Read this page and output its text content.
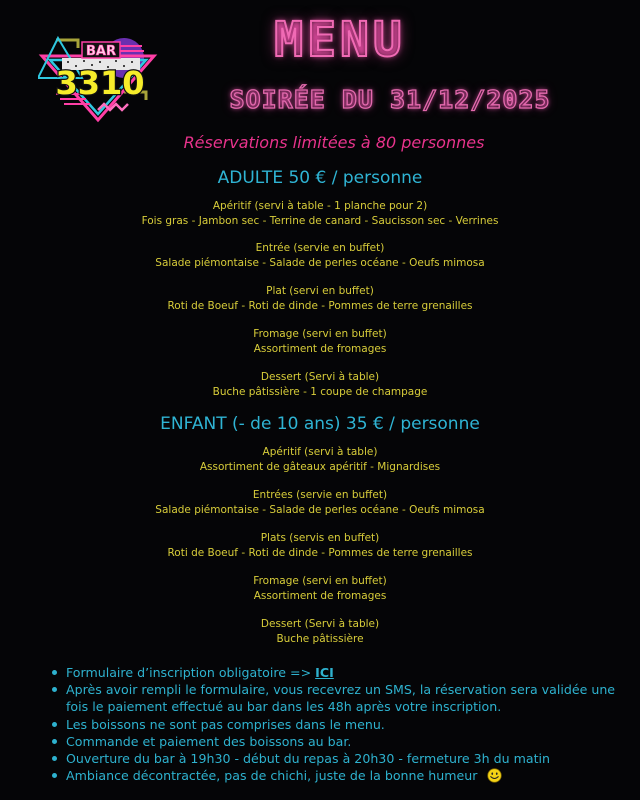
BAR
3310
MENU
SOIRÉE DU 31/12/2025
Réservations limitées à 80 personnes
ADULTE 50 € / personne
Apéritif (servi à table - 1 planche pour 2)
Fois gras - Jambon sec - Terrine de canard - Saucisson sec - Verrines
Entrée (servie en buffet)
Salade piémontaise - Salade de perles océane - Oeufs mimosa
Plat (servi en buffet)
Roti de Boeuf - Roti de dinde - Pommes de terre grenailles
Fromage (servi en buffet)
Assortiment de fromages
Dessert (Servi à table)
Buche pâtissière - 1 coupe de champage
ENFANT (- de 10 ans) 35 € / personne
Apéritif (servi à table)
Assortiment de gâteaux apéritif - Mignardises
Entrées (servie en buffet)
Salade piémontaise - Salade de perles océane - Oeufs mimosa
Plats (servis en buffet)
Roti de Boeuf - Roti de dinde - Pommes de terre grenailles
Fromage (servi en buffet)
Assortiment de fromages
Dessert (Servi à table)
Buche pâtissière
Formulaire d’inscription obligatoire => ICI
Après avoir rempli le formulaire, vous recevrez un SMS, la réservation sera validée une fois le paiement effectué au bar dans les 48h après votre inscription.
Les boissons ne sont pas comprises dans le menu.
Commande et paiement des boissons au bar.
Ouverture du bar à 19h30 - début du repas à 20h30 - fermeture 3h du matin
Ambiance décontractée, pas de chichi, juste de la bonne humeur
